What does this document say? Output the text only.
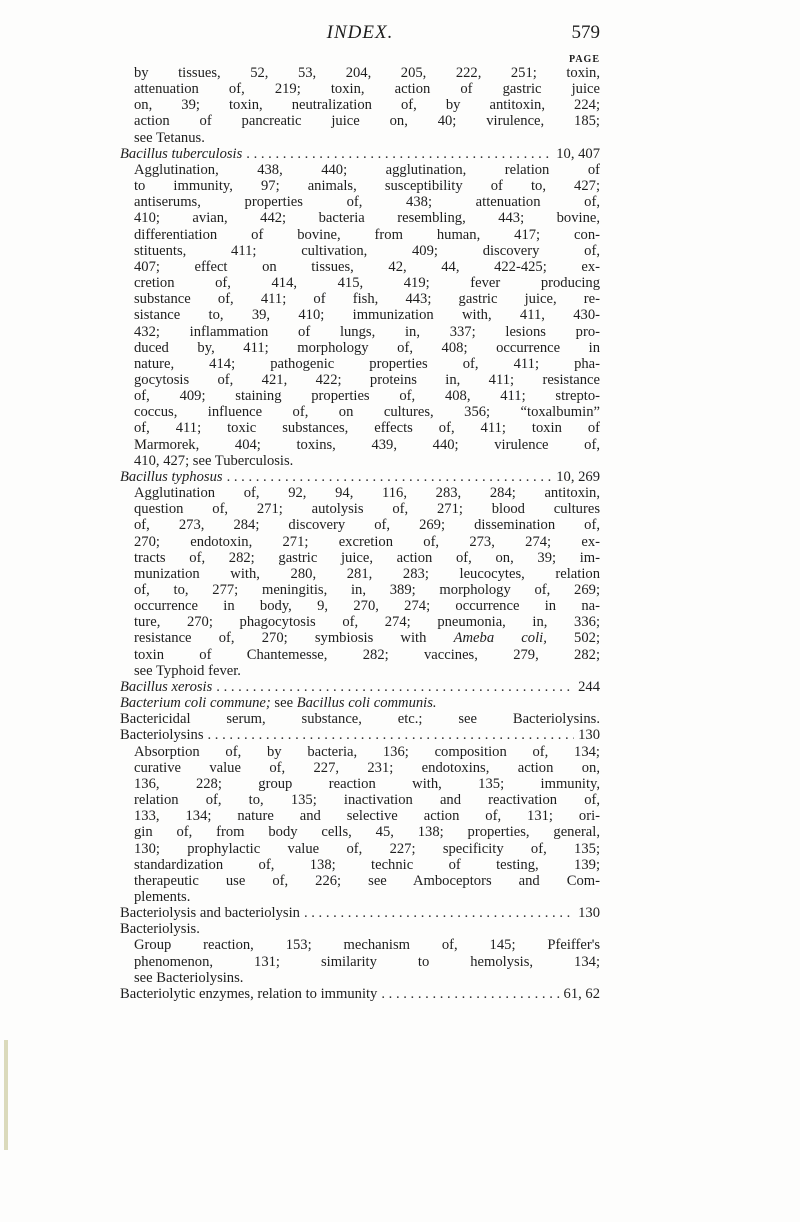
INDEX.	579
PAGE
by tissues, 52, 53, 204, 205, 222, 251; toxin,
attenuation of, 219; toxin, action of gastric juice
on, 39; toxin, neutralization of, by antitoxin, 224;
action of pancreatic juice on, 40; virulence, 185;
see Tetanus.
Bacillus tuberculosis . . .	10, 407
Agglutination, 438, 440; agglutination, relation of
to immunity, 97; animals, susceptibility of to, 427;
antiserums, properties of, 438; attenuation of,
410; avian, 442; bacteria resembling, 443; bovine,
differentiation of bovine, from human, 417; con-
stituents, 411; cultivation, 409; discovery of,
407; effect on tissues, 42, 44, 422-425; ex-
cretion of, 414, 415, 419; fever producing
substance of, 411; of fish, 443; gastric juice, re-
sistance to, 39, 410; immunization with, 411, 430-
432; inflammation of lungs, in, 337; lesions pro-
duced by, 411; morphology of, 408; occurrence in
nature, 414; pathogenic properties of, 411; pha-
gocytosis of, 421, 422; proteins in, 411; resistance
of, 409; staining properties of, 408, 411; strepto-
coccus, influence of, on cultures, 356; “toxalbumin”
of, 411; toxic substances, effects of, 411; toxin of
Marmorek, 404; toxins, 439, 440; virulence of,
410, 427; see Tuberculosis.
Bacillus typhosus . . .	10, 269
Agglutination of, 92, 94, 116, 283, 284; antitoxin,
question of, 271; autolysis of, 271; blood cultures
of, 273, 284; discovery of, 269; dissemination of,
270; endotoxin, 271; excretion of, 273, 274; ex-
tracts of, 282; gastric juice, action of, on, 39; im-
munization with, 280, 281, 283; leucocytes, relation
of, to, 277; meningitis, in, 389; morphology of, 269;
occurrence in body, 9, 270, 274; occurrence in na-
ture, 270; phagocytosis of, 274; pneumonia, in, 336;
resistance of, 270; symbiosis with Ameba coli, 502;
toxin of Chantemesse, 282; vaccines, 279, 282;
see Typhoid fever.
Bacillus xerosis . . .	244
Bacterium coli commune; see Bacillus coli communis.
Bactericidal serum, substance, etc.; see Bacteriolysins.
Bacteriolysins . . .	130
Absorption of, by bacteria, 136; composition of, 134;
curative value of, 227, 231; endotoxins, action on,
136, 228; group reaction with, 135; immunity,
relation of, to, 135; inactivation and reactivation of,
133, 134; nature and selective action of, 131; ori-
gin of, from body cells, 45, 138; properties, general,
130; prophylactic value of, 227; specificity of, 135;
standardization of, 138; technic of testing, 139;
therapeutic use of, 226; see Amboceptors and Com-
plements.
Bacteriolysis and bacteriolysin . . .	130
Bacteriolysis.
Group reaction, 153; mechanism of, 145; Pfeiffer's
phenomenon, 131; similarity to hemolysis, 134;
see Bacteriolysins.
Bacteriolytic enzymes, relation to immunity . . .	61, 62
